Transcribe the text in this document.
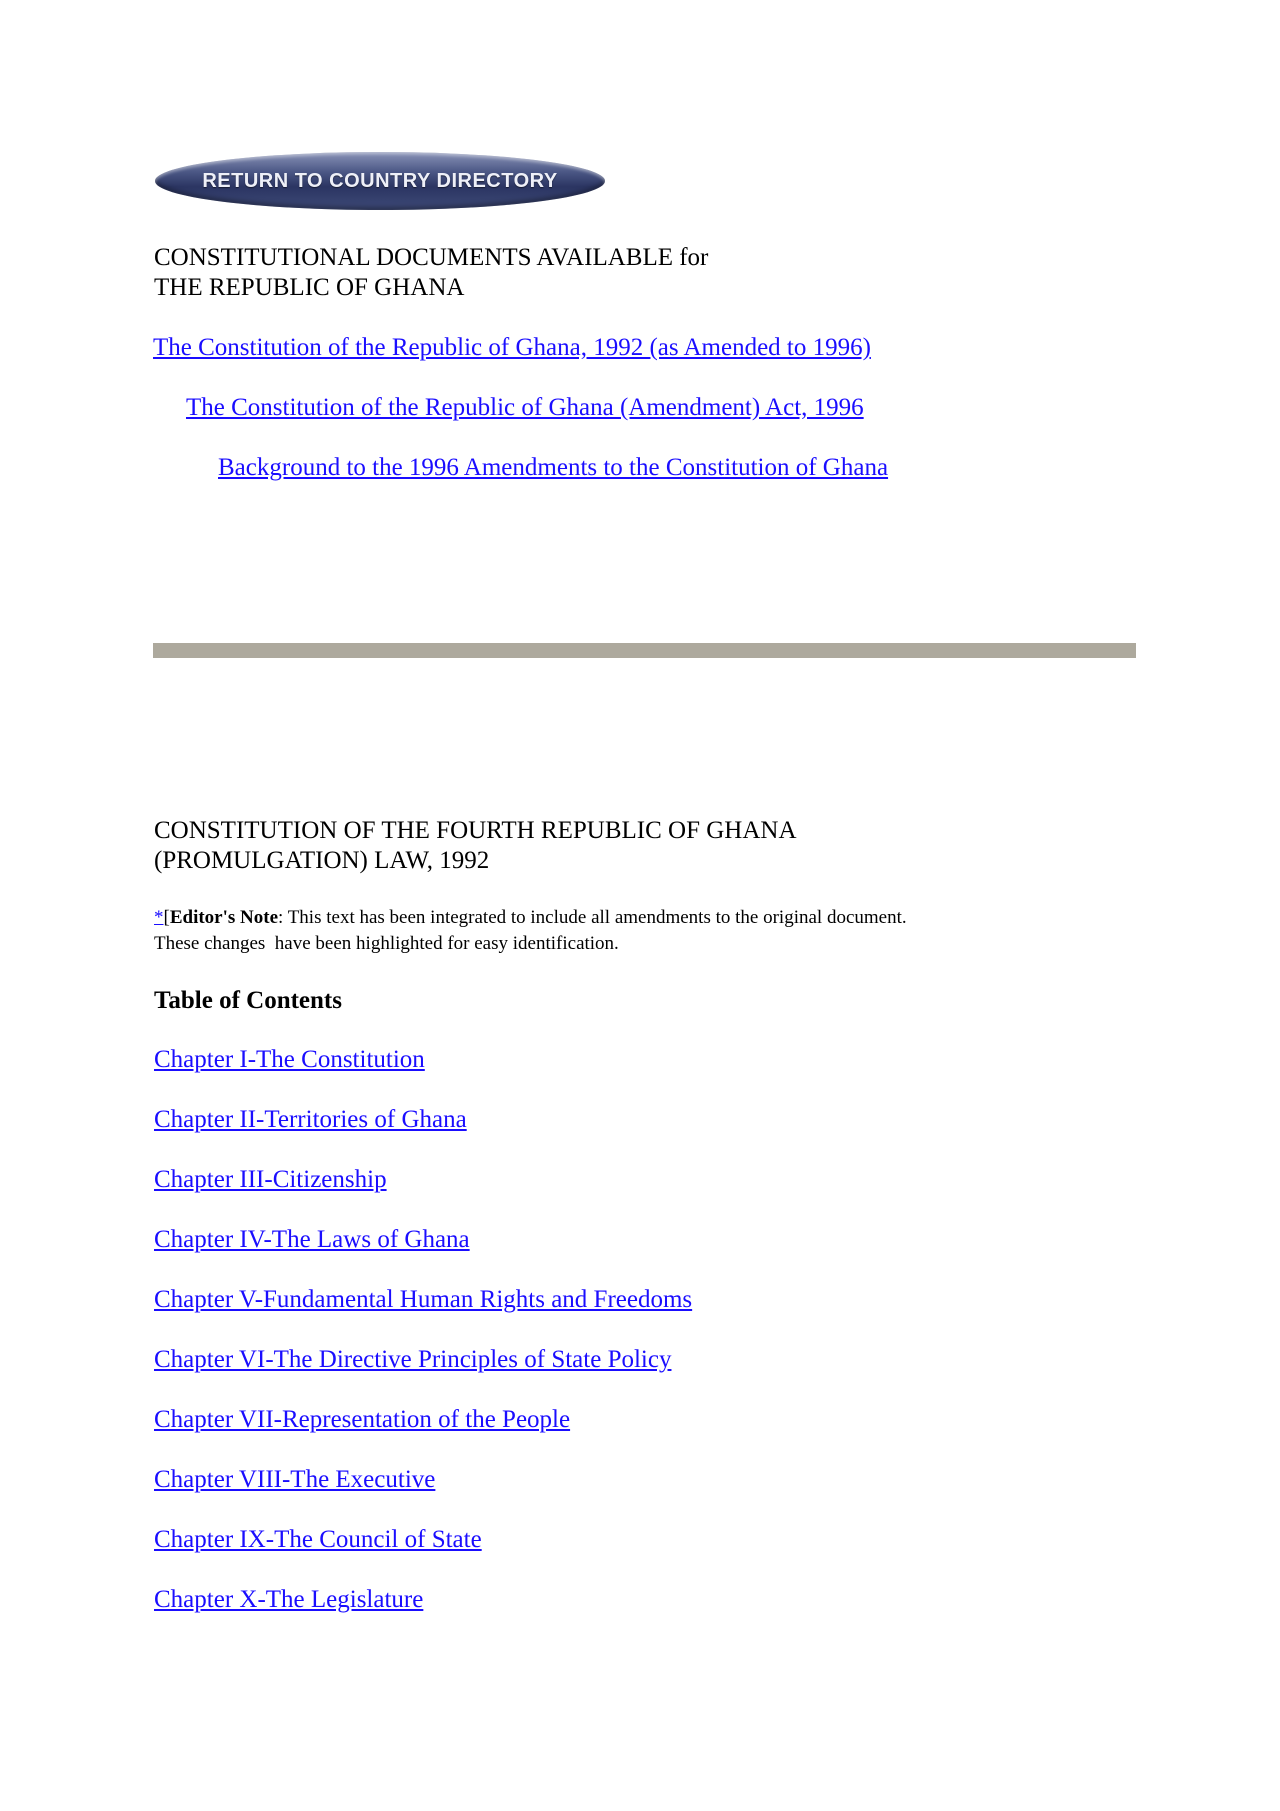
RETURN TO COUNTRY DIRECTORY
CONSTITUTIONAL DOCUMENTS AVAILABLE for
THE REPUBLIC OF GHANA
The Constitution of the Republic of Ghana, 1992 (as Amended to 1996)
The Constitution of the Republic of Ghana (Amendment) Act, 1996
Background to the 1996 Amendments to the Constitution of Ghana
CONSTITUTION OF THE FOURTH REPUBLIC OF GHANA
(PROMULGATION) LAW, 1992
*[Editor's Note: This text has been integrated to include all amendments to the original document.
These changes  have been highlighted for easy identification.
Table of Contents
Chapter I-The Constitution
Chapter II-Territories of Ghana
Chapter III-Citizenship
Chapter IV-The Laws of Ghana
Chapter V-Fundamental Human Rights and Freedoms
Chapter VI-The Directive Principles of State Policy
Chapter VII-Representation of the People
Chapter VIII-The Executive
Chapter IX-The Council of State
Chapter X-The Legislature
